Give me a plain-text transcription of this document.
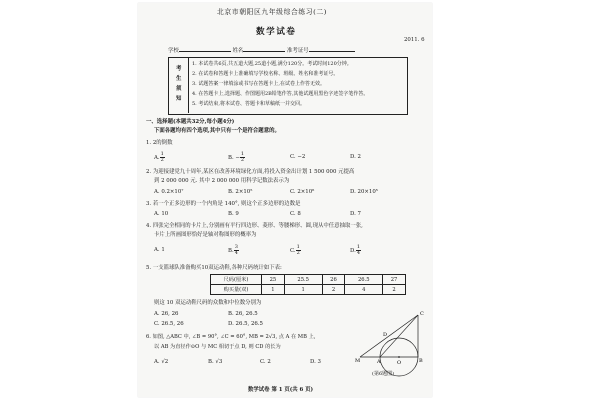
北京市朝阳区九年级综合练习(二)
2011. 6
数学试卷
学校	姓名	准考证号
考
生
须
知
1. 本试卷共6页,共五道大题,25道小题,满分120分。考试时间120分钟。
2. 在试卷和答题卡上准确填写学校名称、班级、姓名和准考证号。
3. 试题答案一律填涂或书写在答题卡上,在试卷上作答无效。
4. 在答题卡上,选择题、作图题用2B铅笔作答,其他试题用黑色字迹签字笔作答。
5. 考试结束,将本试卷、答题卡和草稿纸一并交回。
一、选择题(本题共32分,每小题4分)
下面各题均有四个选项,其中只有一个是符合题意的。
1. 2的倒数
A. $\frac{1}{2}$	B. − $\frac{1}{2}$	C. −2	D. 2
2. 为迎接建党九十周年,某区在改善环境绿化方面,将投入资金出计划 1 500 000 元提高
到 2 000 000 元. 其中 2 000 000 用科学记数法表示为
A. 0.2×10⁷	B. 2×10⁵	C. 2×10⁶	D. 20×10⁵
3. 若一个正多边形的一个内角是 140°, 则这个正多边形的边数是
A. 10	B. 9	C. 8	D. 7
4. 四张完全相同的卡片上,分别画有平行四边形、菱形、等腰梯形、圆,现从中任意抽取一张,
卡片上所画图形恰好是轴对称图形的概率为
A. 1	B. $\frac{3}{4}$	C. $\frac{1}{2}$	D. $\frac{1}{4}$
5. 一支篮球队准备购买10双运动鞋,各种尺码统计如下表:
尺码(厘米)	25	25.5	26	26.5	27
购买量(双)	1	1	2	4	2
则这 10 双运动鞋尺码的众数和中位数分别为
A. 26, 26	B. 26, 26.5
C. 26.5, 26	D. 26.5, 26.5
6. 如图, △ABC 中, ∠B = 90°, ∠C = 60°, MB = 2√3, 点 A 在 MB 上,
以 AB 为直径作⊙O 与 MC 相切于点 D, 则 CD 的长为
A. √2	B. √3	C. 2	D. 3
C
D
M	A	O	B
(第6题图)
数学试卷 第 1 页(共 6 页)
